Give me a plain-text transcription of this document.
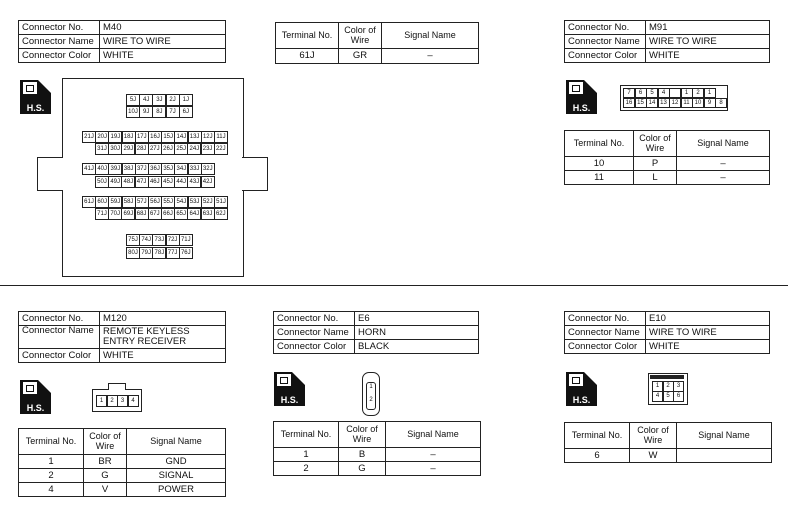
Connector No.	M40
Connector Name	WIRE TO WIRE
Connector Color	WHITE
H.S.
5J	4J	3J	2J	1J
10J 9J	8J	7J	6J
21J 20J 19J 18J 17J 16J 15J 14J 13J 12J 11J
31J 30J 29J 28J 27J 26J 25J 24J 23J 22J
41J 40J 39J 38J 37J 36J 35J 34J 33J 32J
50J 49J 48J 47J 46J 45J 44J 43J 42J
61J 60J 59J 58J 57J 56J 55J 54J 53J 52J 51J
71J 70J 69J 68J 67J 66J 65J 64J 63J 62J
75J 74J 73J 72J 71J
80J 79J 78J 77J 76J
Terminal No.	Color of Wire	Signal Name
61J	GR	–
Connector No.	M91
Connector Name	WIRE TO WIRE
Connector Color	WHITE
H.S.
7	6	5	4	1	2	1
16 15 14 13 12 11 10	9	8
Terminal No.	Color of Wire	Signal Name
10	P	–
11	L	–
Connector No.	M120
Connector Name	REMOTE KEYLESS ENTRY RECEIVER
Connector Color	WHITE
H.S.
1	2	3	4
Terminal No.	Color of Wire	Signal Name
1	BR	GND
2	G	SIGNAL
4	V	POWER
Connector No.	E6
Connector Name	HORN
Connector Color	BLACK
H.S.
1
2
Terminal No.	Color of Wire	Signal Name
1	B	–
2	G	–
Connector No.	E10
Connector Name	WIRE TO WIRE
Connector Color	WHITE
H.S.
1	2	3
4	5	6
Terminal No.	Color of Wire	Signal Name
6	W	
